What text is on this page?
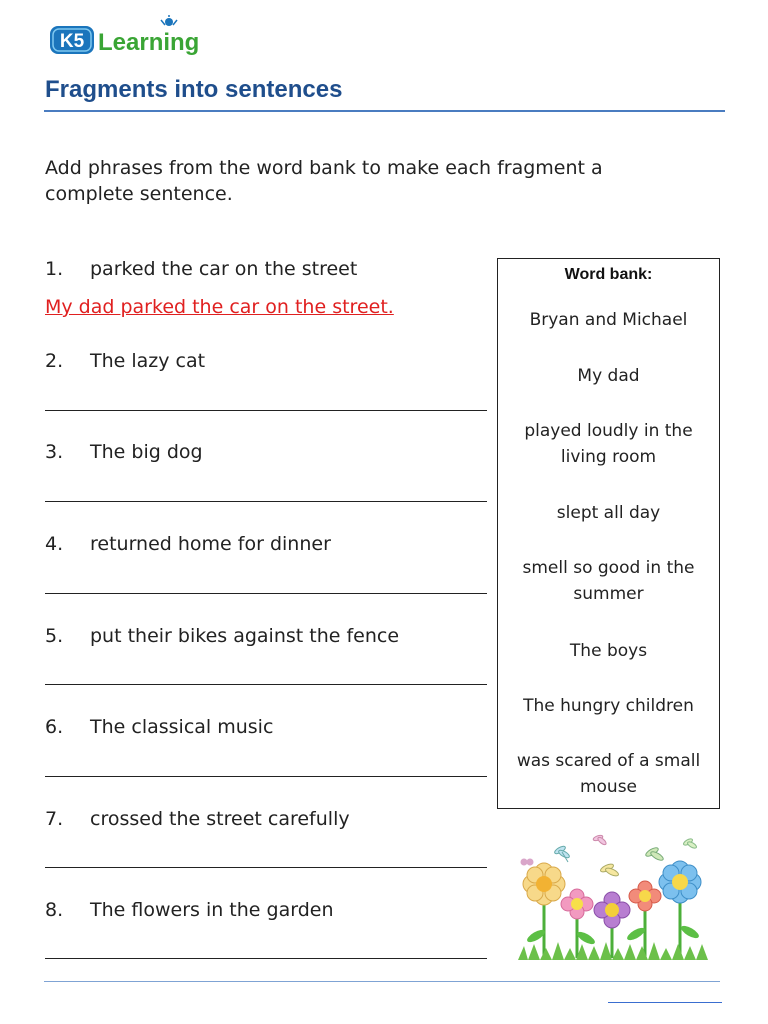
K5 Learning
Fragments into sentences

Add phrases from the word bank to make each fragment a complete sentence.

1. parked the car on the street
My dad parked the car on the street.
2. The lazy cat
3. The big dog
4. returned home for dinner
5. put their bikes against the fence
6. The classical music
7. crossed the street carefully
8. The flowers in the garden
Word bank:
Bryan and Michael
My dad
played loudly in the living room
slept all day
smell so good in the summer
The boys
The hungry children
was scared of a small mouse
